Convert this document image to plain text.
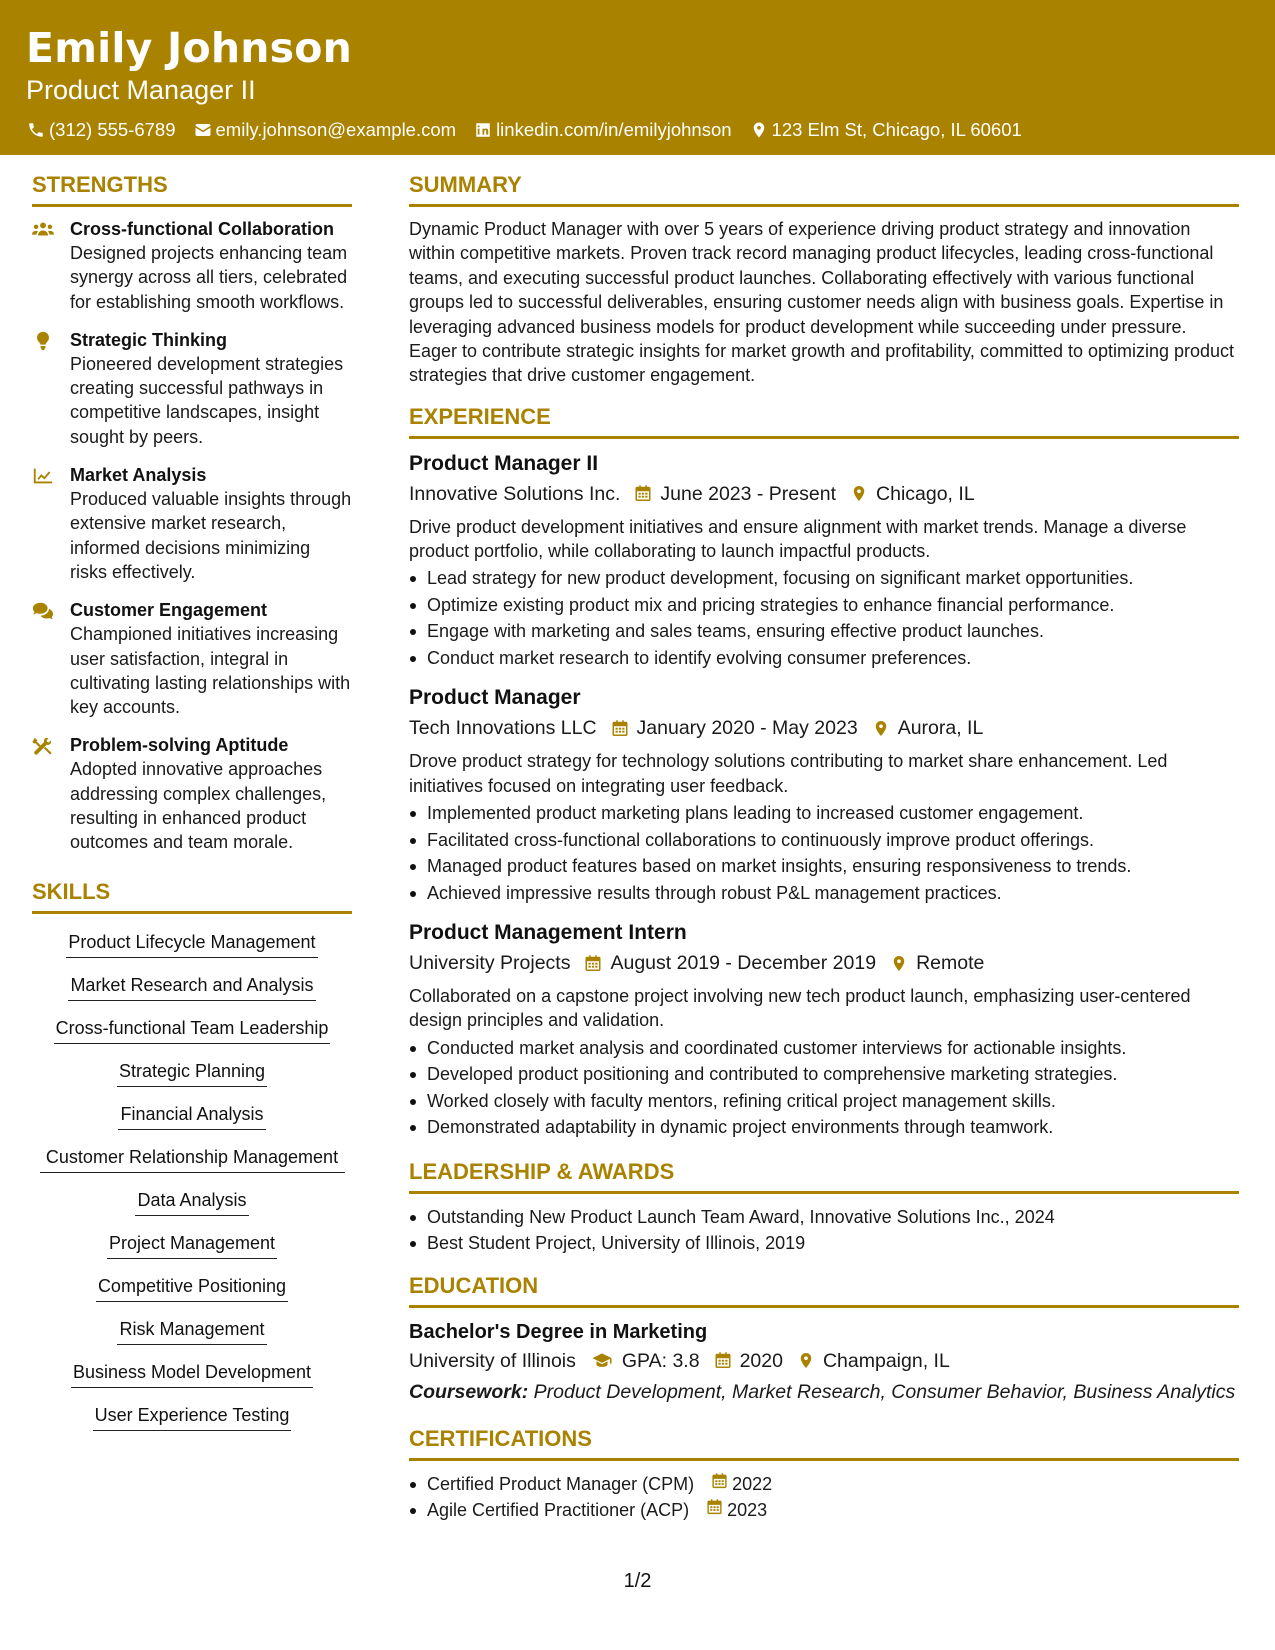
Emily Johnson
Product Manager II
(312) 555-6789 emily.johnson@example.com linkedin.com/in/emilyjohnson 123 Elm St, Chicago, IL 60601
STRENGTHS
Cross-functional Collaboration
Designed projects enhancing team synergy across all tiers, celebrated for establishing smooth workflows.
Strategic Thinking
Pioneered development strategies creating successful pathways in competitive landscapes, insight sought by peers.
Market Analysis
Produced valuable insights through extensive market research, informed decisions minimizing risks effectively.
Customer Engagement
Championed initiatives increasing user satisfaction, integral in cultivating lasting relationships with key accounts.
Problem-solving Aptitude
Adopted innovative approaches addressing complex challenges, resulting in enhanced product outcomes and team morale.
SKILLS
Product Lifecycle Management
Market Research and Analysis
Cross-functional Team Leadership
Strategic Planning
Financial Analysis
Customer Relationship Management
Data Analysis
Project Management
Competitive Positioning
Risk Management
Business Model Development
User Experience Testing
SUMMARY
Dynamic Product Manager with over 5 years of experience driving product strategy and innovation within competitive markets. Proven track record managing product lifecycles, leading cross-functional teams, and executing successful product launches. Collaborating effectively with various functional groups led to successful deliverables, ensuring customer needs align with business goals. Expertise in leveraging advanced business models for product development while succeeding under pressure. Eager to contribute strategic insights for market growth and profitability, committed to optimizing product strategies that drive customer engagement.
EXPERIENCE
Product Manager II
Innovative Solutions Inc. June 2023 - Present Chicago, IL
Drive product development initiatives and ensure alignment with market trends. Manage a diverse product portfolio, while collaborating to launch impactful products.
Lead strategy for new product development, focusing on significant market opportunities.
Optimize existing product mix and pricing strategies to enhance financial performance.
Engage with marketing and sales teams, ensuring effective product launches.
Conduct market research to identify evolving consumer preferences.
Product Manager
Tech Innovations LLC January 2020 - May 2023 Aurora, IL
Drove product strategy for technology solutions contributing to market share enhancement. Led initiatives focused on integrating user feedback.
Implemented product marketing plans leading to increased customer engagement.
Facilitated cross-functional collaborations to continuously improve product offerings.
Managed product features based on market insights, ensuring responsiveness to trends.
Achieved impressive results through robust P&L management practices.
Product Management Intern
University Projects August 2019 - December 2019 Remote
Collaborated on a capstone project involving new tech product launch, emphasizing user-centered design principles and validation.
Conducted market analysis and coordinated customer interviews for actionable insights.
Developed product positioning and contributed to comprehensive marketing strategies.
Worked closely with faculty mentors, refining critical project management skills.
Demonstrated adaptability in dynamic project environments through teamwork.
LEADERSHIP & AWARDS
Outstanding New Product Launch Team Award, Innovative Solutions Inc., 2024
Best Student Project, University of Illinois, 2019
EDUCATION
Bachelor's Degree in Marketing
University of Illinois GPA: 3.8 2020 Champaign, IL
Coursework: Product Development, Market Research, Consumer Behavior, Business Analytics
CERTIFICATIONS
Certified Product Manager (CPM) 2022
Agile Certified Practitioner (ACP) 2023
1/2
